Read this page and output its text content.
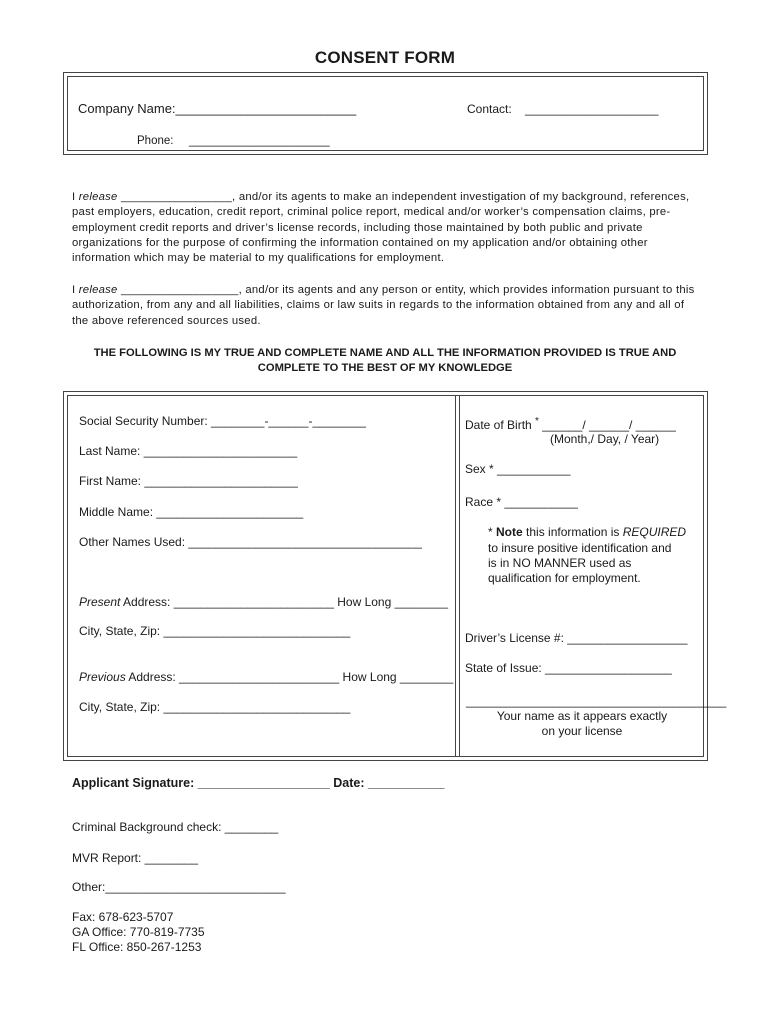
CONSENT FORM
Company Name:_________________________	Contact: ____________________
Phone: ______________________

I release _________________, and/or its agents to make an independent investigation of my background, references, past employers, education, credit report, criminal police report, medical and/or worker’s compensation claims, pre-employment credit reports and driver’s license records, including those maintained by both public and private organizations for the purpose of confirming the information contained on my application and/or obtaining other information which may be material to my qualifications for employment.

I release __________________, and/or its agents and any person or entity, which provides information pursuant to this authorization, from any and all liabilities, claims or law suits in regards to the information obtained from any and all of the above referenced sources used.

THE FOLLOWING IS MY TRUE AND COMPLETE NAME AND ALL THE INFORMATION PROVIDED IS TRUE AND
COMPLETE TO THE BEST OF MY KNOWLEDGE
Social Security Number: ________-______-________
Last Name: _______________________
First Name: _______________________
Middle Name: ______________________
Other Names Used: ___________________________________
Present Address: ________________________ How Long ________
City, State, Zip: ____________________________
Previous Address: ________________________ How Long ________
City, State, Zip: ____________________________
Date of Birth * ______/ ______/ ______
(Month,/ Day, / Year)
Sex * ___________
Race * ___________
* Note this information is REQUIRED
to insure positive identification and
is in NO MANNER used as
qualification for employment.
Driver’s License #: __________________
State of Issue: ___________________
_______________________________________
Your name as it appears exactly
on your license
Applicant Signature: ___________________ Date: ___________
Criminal Background check: ________
MVR Report: ________
Other:___________________________
Fax: 678-623-5707
GA Office: 770-819-7735
FL Office: 850-267-1253
